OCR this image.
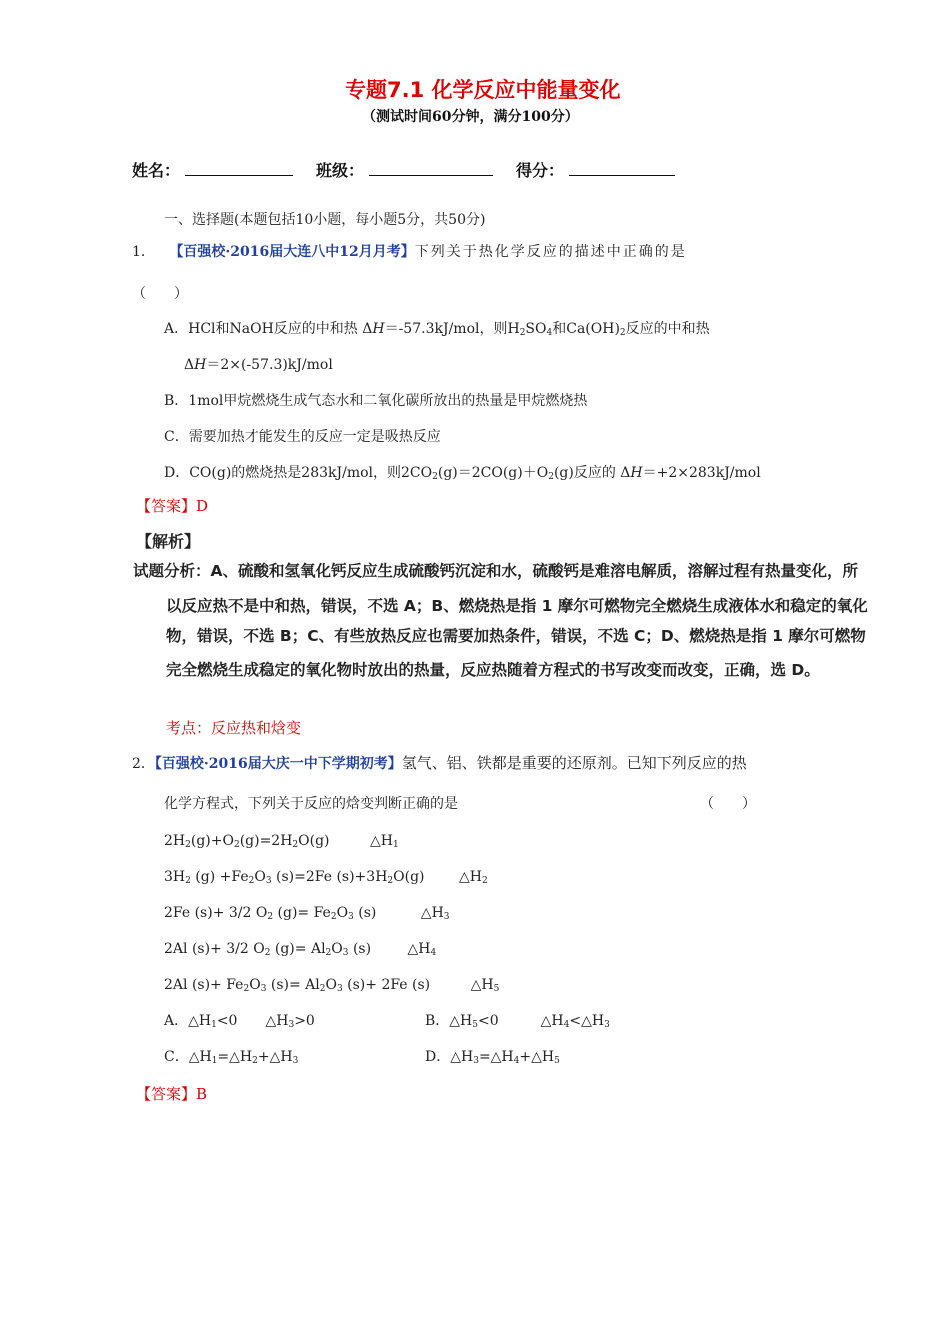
专题7.1 化学反应中能量变化
（测试时间60分钟，满分100分）
姓名：	班级：	得分：
一、选择题(本题包括10小题，每小题5分，共50分)
1． 【百强校·2016届大连八中12月月考】下列关于热化学反应的描述中正确的是
（　　）
A．HCl和NaOH反应的中和热 ΔH＝-57.3kJ/mol，则$H_2SO_4$和$Ca(OH)_2$反应的中和热
ΔH＝2×(-57.3)kJ/mol
B．1mol甲烷燃烧生成气态水和二氧化碳所放出的热量是甲烷燃烧热
C．需要加热才能发生的反应一定是吸热反应
D．CO(g)的燃烧热是283kJ/mol，则$2CO_2(g)=2CO(g)+O_2(g)$反应的 ΔH＝+2×283kJ/mol
【答案】D
【解析】
试题分析：A、硫酸和氢氧化钙反应生成硫酸钙沉淀和水，硫酸钙是难溶电解质，溶解过程有热量变化，所
以反应热不是中和热，错误，不选 A；B、燃烧热是指 1 摩尔可燃物完全燃烧生成液体水和稳定的氧化
物，错误，不选 B；C、有些放热反应也需要加热条件，错误，不选 C；D、燃烧热是指 1 摩尔可燃物
完全燃烧生成稳定的氧化物时放出的热量，反应热随着方程式的书写改变而改变，正确，选 D。
考点：反应热和焓变
2．【百强校·2016届大庆一中下学期初考】氢气、铝、铁都是重要的还原剂。已知下列反应的热
化学方程式，下列关于反应的焓变判断正确的是	（　　）
$2H_2(g)+O_2(g)=2H_2O(g)$	$\triangle H_1$
$3H_2$ $(g) +Fe_2O_3$ (s)=2Fe $(s)+3H_2O(g)$ $\triangle H_2$
2Fe (s)+ 3/2 $O_2$ $(g)= Fe_2O_3$ (s)	$\triangle H_3$
2Al (s)+ 3/2 $O_2$ $(g)= Al_2O_3$ (s)	$\triangle H_4$
2Al $(s)+ Fe_2O_3$ $(s)= Al_2O_3$ (s)+ 2Fe (s)	$\triangle H_5$
A．$\triangle H_1<0$　　$\triangle H_3>0$	B．$\triangle H_5<0$　　　$\triangle H_4<\triangle H_3$
C．$\triangle H_1=\triangle H_2+\triangle H_3$	D．$\triangle H_3=\triangle H_4+\triangle H_5$
【答案】B
